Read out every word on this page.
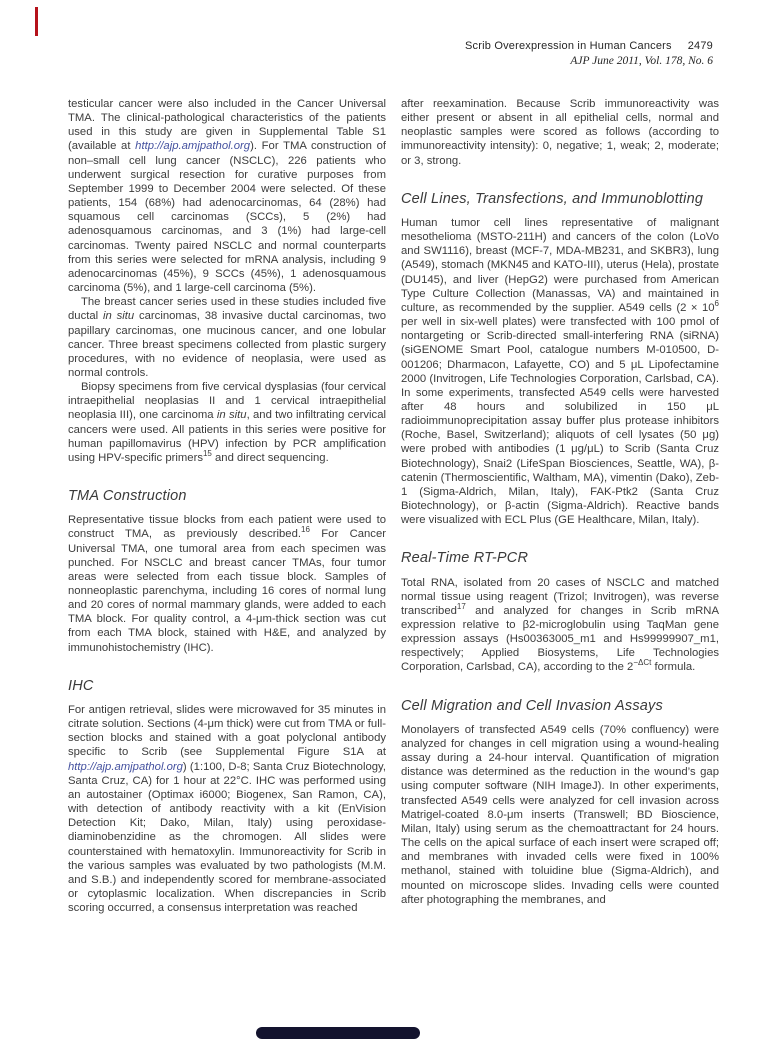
Scrib Overexpression in Human Cancers 2479
AJP June 2011, Vol. 178, No. 6

testicular cancer were also included in the Cancer Universal TMA. The clinical-pathological characteristics of the patients used in this study are given in Supplemental Table S1 (available at http://ajp.amjpathol.org). For TMA construction of non–small cell lung cancer (NSCLC), 226 patients who underwent surgical resection for curative purposes from September 1999 to December 2004 were selected. Of these patients, 154 (68%) had adenocarcinomas, 64 (28%) had squamous cell carcinomas (SCCs), 5 (2%) had adenosquamous carcinomas, and 3 (1%) had large-cell carcinomas. Twenty paired NSCLC and normal counterparts from this series were selected for mRNA analysis, including 9 adenocarcinomas (45%), 9 SCCs (45%), 1 adenosquamous carcinoma (5%), and 1 large-cell carcinoma (5%).

The breast cancer series used in these studies included five ductal in situ carcinomas, 38 invasive ductal carcinomas, two papillary carcinomas, one mucinous cancer, and one lobular cancer. Three breast specimens collected from plastic surgery procedures, with no evidence of neoplasia, were used as normal controls.

Biopsy specimens from five cervical dysplasias (four cervical intraepithelial neoplasias II and 1 cervical intraepithelial neoplasia III), one carcinoma in situ, and two infiltrating cervical cancers were used. All patients in this series were positive for human papillomavirus (HPV) infection by PCR amplification using HPV-specific primers$^{15}$ and direct sequencing.

TMA Construction

Representative tissue blocks from each patient were used to construct TMA, as previously described.$^{16}$ For Cancer Universal TMA, one tumoral area from each specimen was punched. For NSCLC and breast cancer TMAs, four tumor areas were selected from each tissue block. Samples of nonneoplastic parenchyma, including 16 cores of normal lung and 20 cores of normal mammary glands, were added to each TMA block. For quality control, a 4-μm-thick section was cut from each TMA block, stained with H&E, and analyzed by immunohistochemistry (IHC).

IHC

For antigen retrieval, slides were microwaved for 35 minutes in citrate solution. Sections (4-μm thick) were cut from TMA or full-section blocks and stained with a goat polyclonal antibody specific to Scrib (see Supplemental Figure S1A at http://ajp.amjpathol.org) (1:100, D-8; Santa Cruz Biotechnology, Santa Cruz, CA) for 1 hour at 22°C. IHC was performed using an autostainer (Optimax i6000; Biogenex, San Ramon, CA), with detection of antibody reactivity with a kit (EnVision Detection Kit; Dako, Milan, Italy) using peroxidase-diaminobenzidine as the chromogen. All slides were counterstained with hematoxylin. Immunoreactivity for Scrib in the various samples was evaluated by two pathologists (M.M. and S.B.) and independently scored for membrane-associated or cytoplasmic localization. When discrepancies in Scrib scoring occurred, a consensus interpretation was reached

after reexamination. Because Scrib immunoreactivity was either present or absent in all epithelial cells, normal and neoplastic samples were scored as follows (according to immunoreactivity intensity): 0, negative; 1, weak; 2, moderate; or 3, strong.

Cell Lines, Transfections, and Immunoblotting

Human tumor cell lines representative of malignant mesothelioma (MSTO-211H) and cancers of the colon (LoVo and SW1116), breast (MCF-7, MDA-MB231, and SKBR3), lung (A549), stomach (MKN45 and KATO-III), uterus (Hela), prostate (DU145), and liver (HepG2) were purchased from American Type Culture Collection (Manassas, VA) and maintained in culture, as recommended by the supplier. A549 cells ($2 \times 10^6$ per well in six-well plates) were transfected with 100 pmol of nontargeting or Scrib-directed small-interfering RNA (siRNA) (siGENOME Smart Pool, catalogue numbers M-010500, D-001206; Dharmacon, Lafayette, CO) and 5 μL Lipofectamine 2000 (Invitrogen, Life Technologies Corporation, Carlsbad, CA). In some experiments, transfected A549 cells were harvested after 48 hours and solubilized in 150 μL radioimmunoprecipitation assay buffer plus protease inhibitors (Roche, Basel, Switzerland); aliquots of cell lysates (50 μg) were probed with antibodies (1 μg/μL) to Scrib (Santa Cruz Biotechnology), Snai2 (LifeSpan Biosciences, Seattle, WA), β-catenin (Thermoscientific, Waltham, MA), vimentin (Dako), Zeb-1 (Sigma-Aldrich, Milan, Italy), FAK-Ptk2 (Santa Cruz Biotechnology), or β-actin (Sigma-Aldrich). Reactive bands were visualized with ECL Plus (GE Healthcare, Milan, Italy).

Real-Time RT-PCR

Total RNA, isolated from 20 cases of NSCLC and matched normal tissue using reagent (Trizol; Invitrogen), was reverse transcribed$^{17}$ and analyzed for changes in Scrib mRNA expression relative to β2-microglobulin using TaqMan gene expression assays (Hs00363005_m1 and Hs99999907_m1, respectively; Applied Biosystems, Life Technologies Corporation, Carlsbad, CA), according to the $2^{-\Delta Ct}$ formula.

Cell Migration and Cell Invasion Assays

Monolayers of transfected A549 cells (70% confluency) were analyzed for changes in cell migration using a wound-healing assay during a 24-hour interval. Quantification of migration distance was determined as the reduction in the wound’s gap using computer software (NIH ImageJ). In other experiments, transfected A549 cells were analyzed for cell invasion across Matrigel-coated 8.0-μm inserts (Transwell; BD Bioscience, Milan, Italy) using serum as the chemoattractant for 24 hours. The cells on the apical surface of each insert were scraped off; and membranes with invaded cells were fixed in 100% methanol, stained with toluidine blue (Sigma-Aldrich), and mounted on microscope slides. Invading cells were counted after photographing the membranes, and
